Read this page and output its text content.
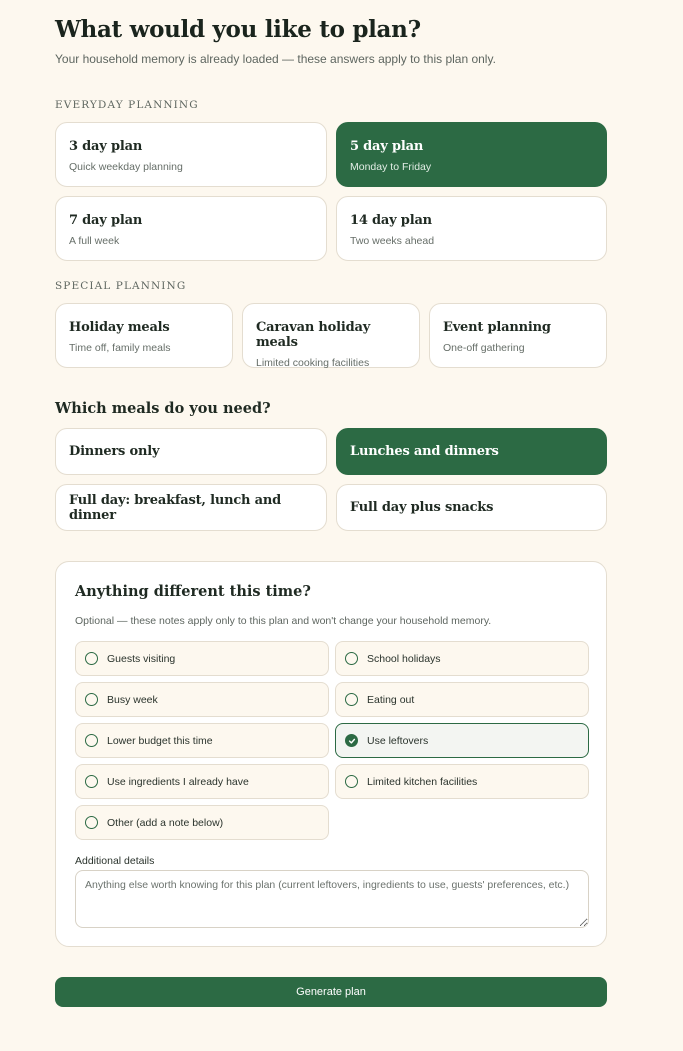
What would you like to plan?

Your household memory is already loaded — these answers apply to this plan only.

EVERYDAY PLANNING
3 day plan
Quick weekday planning
5 day plan
Monday to Friday
7 day plan
A full week
14 day plan
Two weeks ahead
SPECIAL PLANNING
Holiday meals
Time off, family meals
Caravan holiday meals
Limited cooking facilities
Event planning
One-off gathering
Which meals do you need?
Dinners only	Lunches and dinners
Full day: breakfast, lunch and dinner	Full day plus snacks
Anything different this time?

Optional — these notes apply only to this plan and won't change your household memory.

Guests visiting	School holidays
Busy week	Eating out
Lower budget this time	Use leftovers
Use ingredients I already have	Limited kitchen facilities
Other (add a note below)
Additional details
Anything else worth knowing for this plan (current leftovers, ingredients to use, guests' preferences, etc.)
Generate plan
